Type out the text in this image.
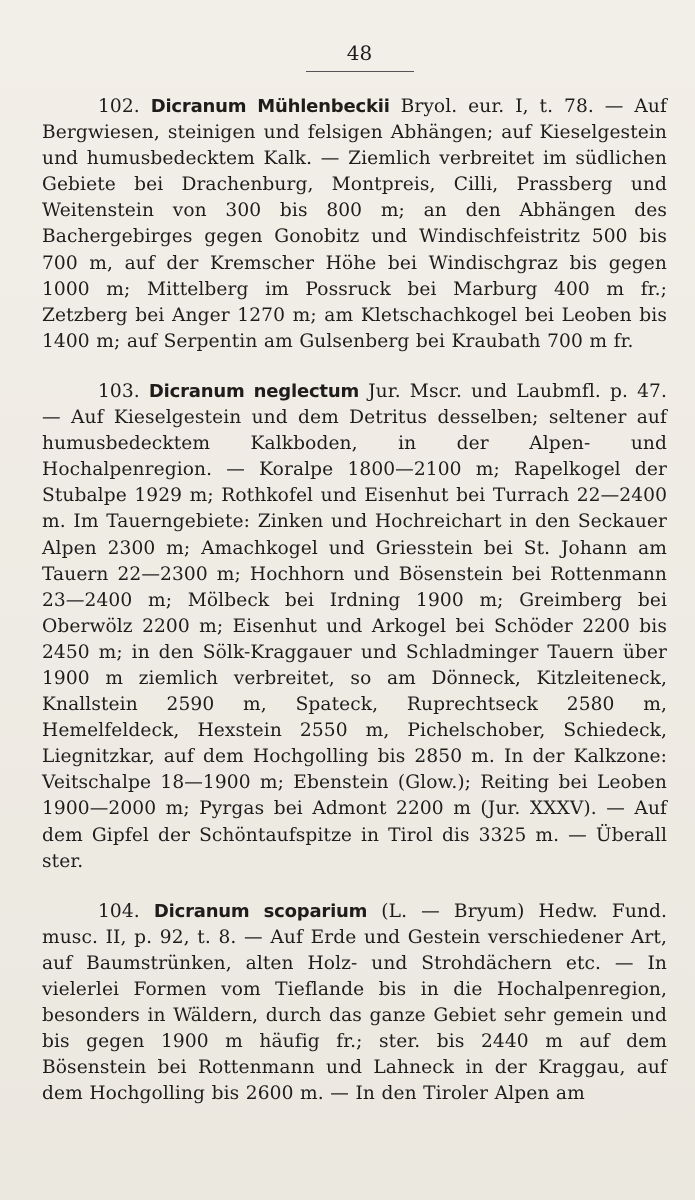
48

102. Dicranum Mühlenbeckii Bryol. eur. I, t. 78. — Auf Bergwiesen, steinigen und felsigen Abhängen; auf Kieselgestein und humusbedecktem Kalk. — Ziemlich verbreitet im südlichen Gebiete bei Drachenburg, Montpreis, Cilli, Prassberg und Weitenstein von 300 bis 800 m; an den Abhängen des Bachergebirges gegen Gonobitz und Windischfeistritz 500 bis 700 m, auf der Kremscher Höhe bei Windischgraz bis gegen 1000 m; Mittelberg im Possruck bei Marburg 400 m fr.; Zetzberg bei Anger 1270 m; am Kletschachkogel bei Leoben bis 1400 m; auf Serpentin am Gulsenberg bei Kraubath 700 m fr.

103. Dicranum neglectum Jur. Mscr. und Laubmfl. p. 47. — Auf Kieselgestein und dem Detritus desselben; seltener auf humusbedecktem Kalkboden, in der Alpen- und Hochalpenregion. — Koralpe 1800—2100 m; Rapelkogel der Stubalpe 1929 m; Rothkofel und Eisenhut bei Turrach 22—2400 m. Im Tauerngebiete: Zinken und Hochreichart in den Seckauer Alpen 2300 m; Amachkogel und Griesstein bei St. Johann am Tauern 22—2300 m; Hochhorn und Bösenstein bei Rottenmann 23—2400 m; Mölbeck bei Irdning 1900 m; Greimberg bei Oberwölz 2200 m; Eisenhut und Arkogel bei Schöder 2200 bis 2450 m; in den Sölk-Kraggauer und Schladminger Tauern über 1900 m ziemlich verbreitet, so am Dönneck, Kitzleiteneck, Knallstein 2590 m, Spateck, Ruprechtseck 2580 m, Hemelfeldeck, Hexstein 2550 m, Pichelschober, Schiedeck, Liegnitzkar, auf dem Hochgolling bis 2850 m. In der Kalkzone: Veitschalpe 18—1900 m; Ebenstein (Glow.); Reiting bei Leoben 1900—2000 m; Pyrgas bei Admont 2200 m (Jur. XXXV). — Auf dem Gipfel der Schöntaufspitze in Tirol dis 3325 m. — Überall ster.

104. Dicranum scoparium (L. — Bryum) Hedw. Fund. musc. II, p. 92, t. 8. — Auf Erde und Gestein verschiedener Art, auf Baumstrünken, alten Holz- und Strohdächern etc. — In vielerlei Formen vom Tieflande bis in die Hochalpenregion, besonders in Wäldern, durch das ganze Gebiet sehr gemein und bis gegen 1900 m häufig fr.; ster. bis 2440 m auf dem Bösenstein bei Rottenmann und Lahneck in der Kraggau, auf dem Hochgolling bis 2600 m. — In den Tiroler Alpen am
